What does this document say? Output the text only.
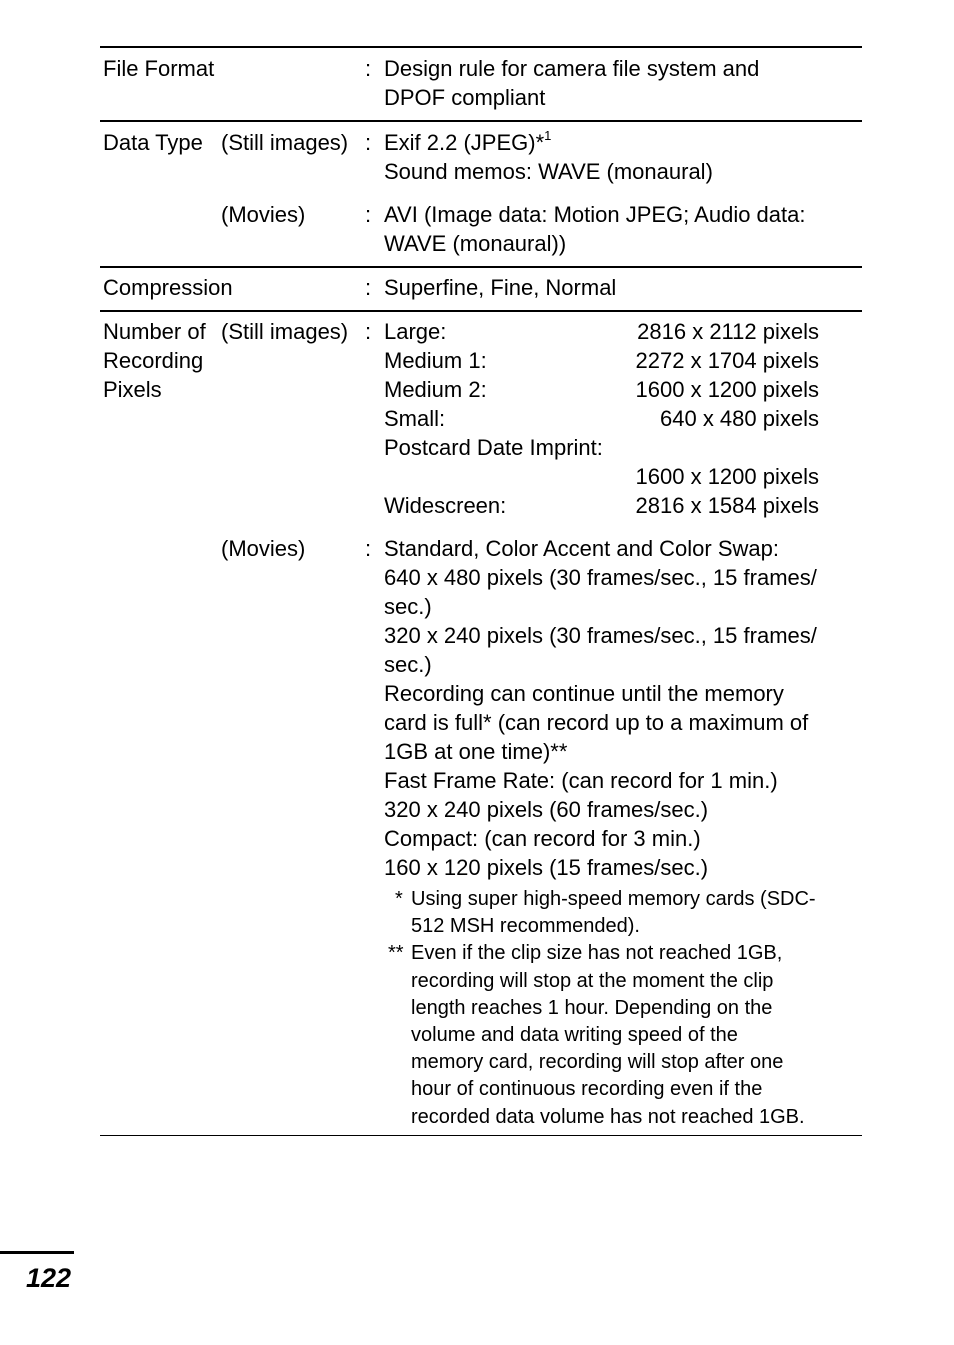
File Format	: Design rule for camera file system and
DPOF compliant
Data Type (Still images) : Exif 2.2 (JPEG)*$^1$
Sound memos: WAVE (monaural)
(Movies)	: AVI (Image data: Motion JPEG; Audio data:
WAVE (monaural))
Compression	: Superfine, Fine, Normal
Number of
Recording
Pixels
(Still images) : Large:	2816 x 2112 pixels
Medium 1:	2272 x 1704 pixels
Medium 2:	1600 x 1200 pixels
Small:	640 x 480 pixels
Postcard Date Imprint:
1600 x 1200 pixels
Widescreen:	2816 x 1584 pixels
(Movies)	: Standard, Color Accent and Color Swap:
640 x 480 pixels (30 frames/sec., 15 frames/
sec.)
320 x 240 pixels (30 frames/sec., 15 frames/
sec.)
Recording can continue until the memory
card is full* (can record up to a maximum of
1GB at one time)**
Fast Frame Rate: (can record for 1 min.)
320 x 240 pixels (60 frames/sec.)
Compact: (can record for 3 min.)
160 x 120 pixels (15 frames/sec.)
* Using super high-speed memory cards (SDC-
512 MSH recommended).
** Even if the clip size has not reached 1GB,
recording will stop at the moment the clip
length reaches 1 hour. Depending on the
volume and data writing speed of the
memory card, recording will stop after one
hour of continuous recording even if the
recorded data volume has not reached 1GB.
122
